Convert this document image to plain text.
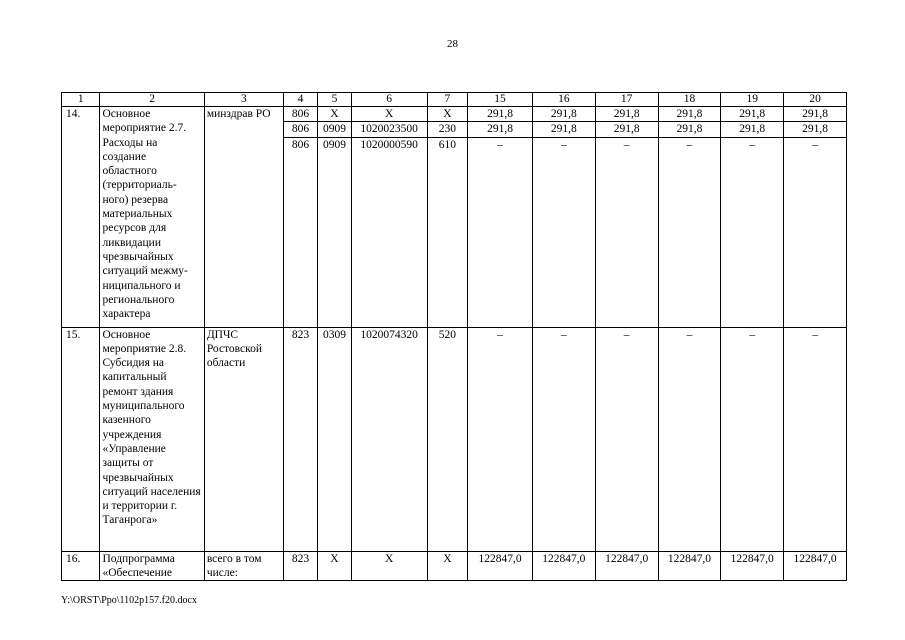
28
1	2	3	4	5	6	7	15	16	17	18	19	20
14.	Основное мероприятие 2.7. Расходы на создание областного (территориаль-ного) резерва материальных ресурсов для ликвидации чрезвычайных ситуаций межму-ниципального и регионального характера	минздрав РО	806	X	X	X	291,8	291,8	291,8	291,8	291,8	291,8
			806	0909	1020023500	230	291,8	291,8	291,8	291,8	291,8	291,8
			806	0909	1020000590	610	–	–	–	–	–	–
15.	Основное мероприятие 2.8. Субсидия на капитальный ремонт здания муниципального казенного учреждения «Управление защиты от чрезвычайных ситуаций населения и территории г. Таганрога»	ДПЧС Ростовской области	823	0309	1020074320	520	–	–	–	–	–	–
16.	Подпрограмма «Обеспечение	всего в том числе:	823	X	X	X	122847,0	122847,0	122847,0	122847,0	122847,0	122847,0
Y:\ORST\Ppo\1102p157.f20.docx
